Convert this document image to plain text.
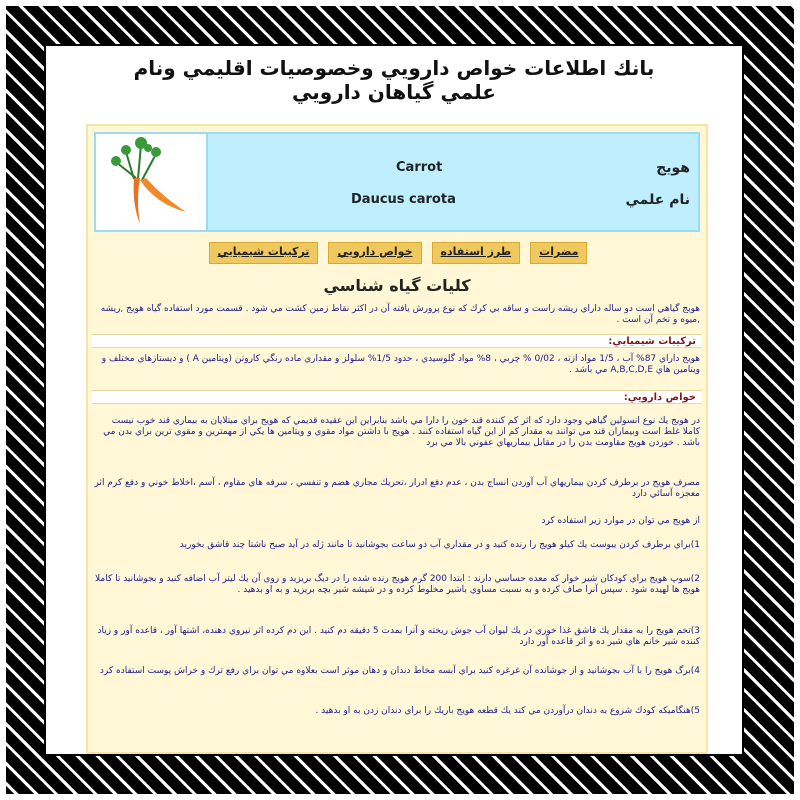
بانك اطلاعات خواص دارويي وخصوصيات اقليمي ونام علمي گياهان دارويي
هويج
Carrot
نام علمي
Daucus carota
مضرات
طرز استفاده
خواص دارويي
تركيبات شيميايي
كليات گياه شناسي
هويج گياهي است دو ساله داراي ريشه راست و ساقه بي كرك كه نوع پرورش يافته آن در اكثر نقاط زمين كشت مي شود . قسمت مورد استفاده گياه هويج ,ريشه ,ميوه و تخم آن است .
تركيبات شيميايي:
هويج داراي 87% آب ، 1/5 مواد ازته ، 0/02 % چربي ، 8% مواد گلوسيدي ، حدود 1/5% سلولز و مقداري ماده رنگي كاروتن (ويتامين A ) و ديستازهاي مختلف و ويتامين هاي A,B,C,D,E مي باشد .
خواص دارويي:
در هويج يك نوع انسولين گياهي وجود دارد كه اثر كم كننده قند خون را دارا مي باشد بنابراين اين عقيده قديمي كه هويج براي مبتلايان به بيماري قند خوب نيست كاملا غلط است وبيماران قند مي توانند به مقدار كم از اين گياه استفاده كنند . هويج با داشتن مواد مقوي و ويتامين ها يكي از مهمترين و مقوي ترين براي بدن مي باشد . خوردن هويج مقاومت بدن را در مقابل بيماريهاي عفوني بالا مي برد
مصرف هويج در برطرف كردن بيماريهاي آب آوردن انساج بدن ، عدم دفع ادرار ،تحريك مجاري هضم و تنفسي ، سرفه هاي مقاوم ، آسم ،اخلاط خوني و دفع كرم اثر معجزه آسائي دارد
از هويج مي توان در موارد زير استفاده كرد
1)براي برطرف كردن يبوست يك كيلو هويج را رنده كنيد و در مقداري آب دو ساعت بجوشانيد تا مانند ژله در آيد صبح ناشتا چند قاشق بخوريد
2)سوپ هويج براي كودكان شير خوار كه معده حساسي دارند : ابتدا 200 گرم هويج رنده شده را در ديگ بريزيد و روي آن يك ليتر آب اضافه كنيد و بجوشانيد تا كاملا هويج ها لهيده شود . سپس آنرا صاف كرده و به نسبت مساوي باشير مخلوط كرده و در شيشه شير بچه بريزيد و به او بدهيد .
3)تخم هويج را به مقدار يك قاشق غذا خوري در يك ليوان آب جوش ريخته و آنرا بمدت 5 دقيقه دم كنيد . اين دم كرده اثر نيروي دهنده، اشتها آور ، قاعده آور و زياد كننده شير خانم هاي شير ده و اثر قاعده آور دارد
4)برگ هويج را با آب بجوشانيد و از جوشانده آن غرغره كنيد براي آبسه مخاط دندان و دهان موثر است بعلاوه مي توان براي رفع ترك و خراش پوست استفاده كرد
5)هنگاميكه كودك شروع به دندان درآوردن مي كند يك قطعه هويج باريك را براي دندان زدن به او بدهيد .
